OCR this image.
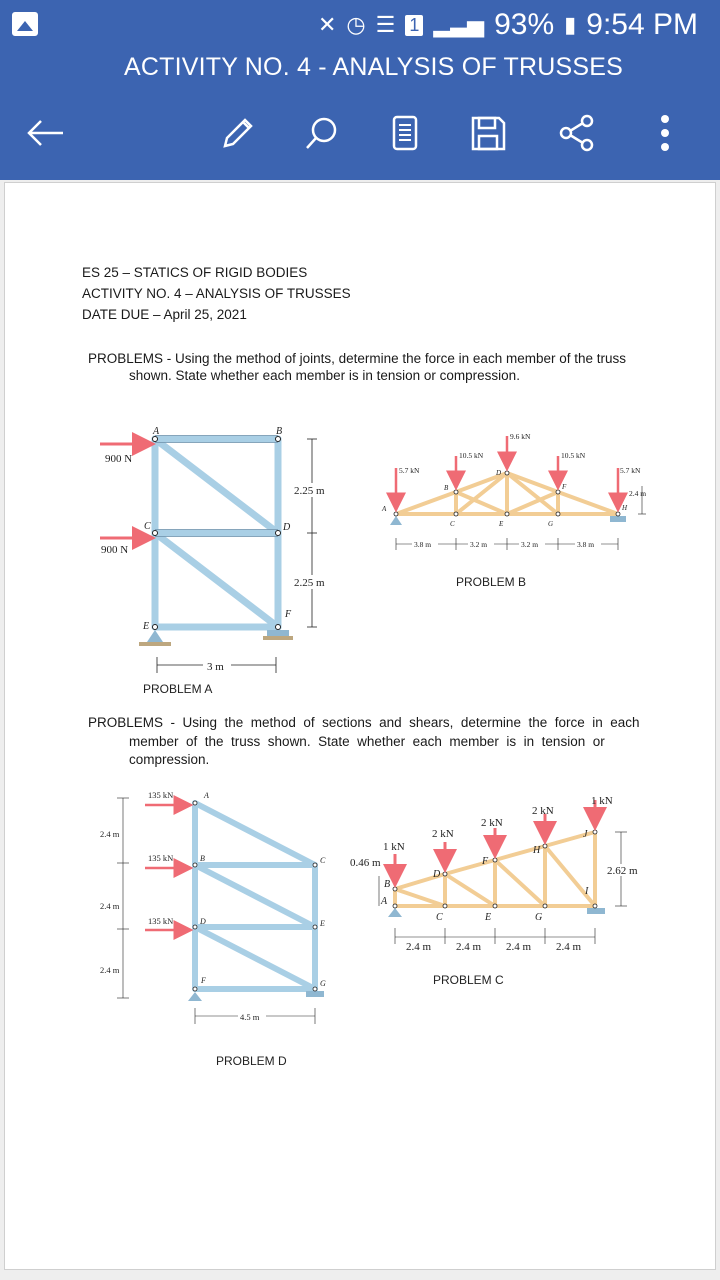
✕ ◷ ☰ 1 ▂▃▅ 93% ▮ 9:54 PM
ACTIVITY NO. 4 - ANALYSIS OF TRUSSES
ES 25 – STATICS OF RIGID BODIES
ACTIVITY NO. 4 – ANALYSIS OF TRUSSES
DATE DUE – April 25, 2021
PROBLEMS - Using the method of joints, determine the force in each member of the truss
shown. State whether each member is in tension or compression.
PROBLEMS  -  Using  the  method  of  sections  and  shears,  determine  the  force  in  each
member  of  the  truss  shown.  State  whether  each  member  is  in  tension  or
compression.
900 N
900 N
A	B
C	D
E
F
2.25 m
2.25 m
3 m
PROBLEM A
5.7 kN
10.5 kN
9.6 kN
10.5 kN
5.7 kN
A
B
C
D
E
F
G
H
2.4 m
3.8 m	3.2 m	3.2 m	3.8 m
PROBLEM B
1 kN
2 kN
2 kN
2 kN
1 kN
A
B
C
D
E
F
G
H
I
J
0.46 m
2.62 m
2.4 m 2.4 m 2.4 m 2.4 m
PROBLEM C
135 kN
135 kN
135 kN
A
B	C
D	E
F	G
2.4 m
2.4 m
2.4 m
4.5 m
PROBLEM D
